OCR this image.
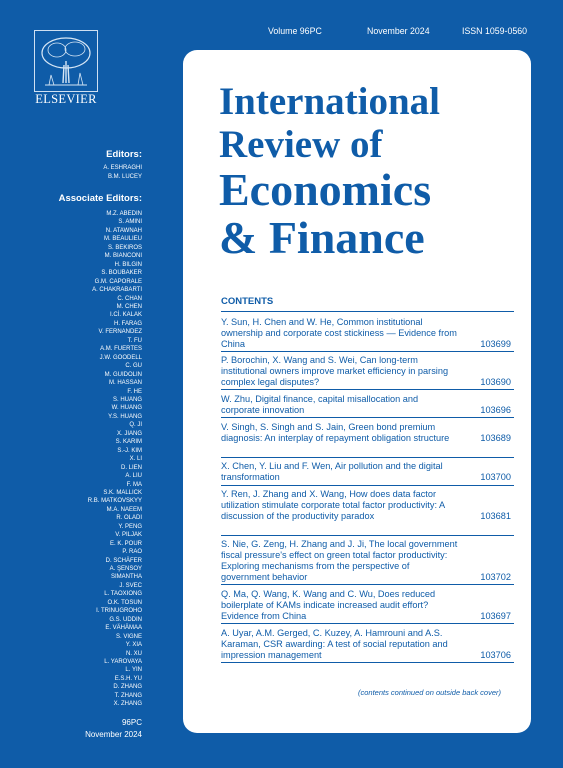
ELSEVIER
Editors:
A. ESHRAGHI
B.M. LUCEY
Associate Editors:
M.Z. ABEDIN
S. AMINI
N. ATAWNAH
M. BEAULIEU
S. BEKIROS
M. BIANCONI
H. BILGIN
S. BOUBAKER
G.M. CAPORALE
A. CHAKRABARTI
C. CHAN
M. CHEN
I.Cİ. KALAK
H. FARAG
V. FERNANDEZ
T. FU
A.M. FUERTES
J.W. GOODELL
C. GU
M. GUIDOLIN
M. HASSAN
F. HE
S. HUANG
W. HUANG
Y.S. HUANG
Q. JI
X. JIANG
S. KARIM
S.-J. KIM
X. LI
D. LIEN
A. LIU
F. MA
S.K. MALLICK
R.B. MATKOVSKYY
M.A. NAEEM
R. OLADI
Y. PENG
V. PILJAK
E. K. POUR
P. RAO
D. SCHÄFER
A. ŞENSOY
SIMANTHA
J. SVEC
L. TAOXIONG
O.K. TOSUN
I. TRINUGROHO
G.S. UDDIN
E. VÄHÄMAA
S. VIGNE
Y. XIA
N. XU
L. YAROVAYA
L. YIN
E.S.H. YU
D. ZHANG
T. ZHANG
X. ZHANG
96PC
November 2024
Volume 96PC	November 2024	ISSN 1059-0560
International
Review of
Economics
& Finance
CONTENTS
Y. Sun, H. Chen and W. He, Common institutional ownership and corporate cost stickiness — Evidence from China	103699
P. Borochin, X. Wang and S. Wei, Can long-term institutional owners improve market efficiency in parsing complex legal disputes?	103690
W. Zhu, Digital finance, capital misallocation and corporate innovation	103696
V. Singh, S. Singh and S. Jain, Green bond premium diagnosis: An interplay of repayment obligation structure	103689
X. Chen, Y. Liu and F. Wen, Air pollution and the digital transformation	103700
Y. Ren, J. Zhang and X. Wang, How does data factor utilization stimulate corporate total factor productivity: A discussion of the productivity paradox	103681
S. Nie, G. Zeng, H. Zhang and J. Ji, The local government fiscal pressure's effect on green total factor productivity: Exploring mechanisms from the perspective of government behavior	103702
Q. Ma, Q. Wang, K. Wang and C. Wu, Does reduced boilerplate of KAMs indicate increased audit effort? Evidence from China	103697
A. Uyar, A.M. Gerged, C. Kuzey, A. Hamrouni and A.S. Karaman, CSR awarding: A test of social reputation and impression management	103706
(contents continued on outside back cover)
